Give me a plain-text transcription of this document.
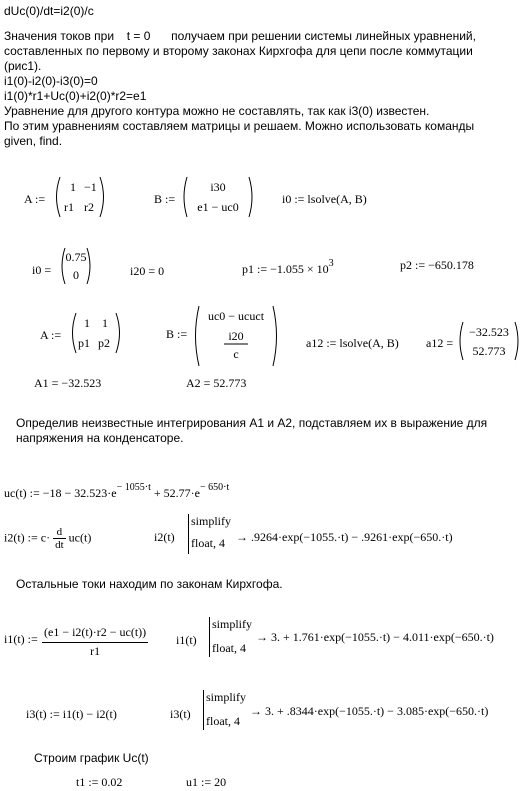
dUc(0)/dt=i2(0)/c
Значения токов при t = 0 получаем при решении системы линейных уравнений,
составленных по первому и второму законах Кирхгофа для цепи после коммутации
(рис1).
i1(0)-i2(0)-i3(0)=0
i1(0)*r1+Uc(0)+i2(0)*r2=e1
Уравнение для другого контура можно не составлять, так как i3(0) известен.
По этим уравнениям составляем матрицы и решаем. Можно использовать команды
given, find.
A :=
1 −1
r1 r2
B :=
i30
e1 − uc0
i0 := lsolve(A, B)
i0 =
0.75
0	i20 = 0	p1 := $-1.055 \times 10^3$	p2 := −650.178
A :=
1 1
p1 p2
B :=
uc0 − ucuct
i20
c
a12 := lsolve(A, B) a12 =
−32.523
52.773
A1 = −32.523	A2 = 52.773
Определив неизвестные интегрирования А1 и А2, подставляем их в выражение для
напряжения на конденсаторе.
uc(t) := $-18 - 32.523\cdot e^{- 1055\cdot t} + 52.77\cdot e^{- 650\cdot t}$
i2(t) := $c\cdot \frac{d}{dt} uc(t)$	i2(t)
simplify
float, 4 → .9264·exp(−1055.·t) − .9261·exp(−650.·t)
Остальные токи находим по законам Кирхгофа.
i1(t) := $\frac{(e1 - i2(t)\cdot r2 - uc(t))}{r1} i1(t)$
simplify
float, 4
→ 3. + 1.761·exp(−1055.·t) − 4.011·exp(−650.·t)
i3(t) := i1(t) − i2(t)	i3(t)
simplify
float, 4
→ 3. + .8344·exp(−1055.·t) − 3.085·exp(−650.·t)
Строим график Uc(t)
t1 := 0.02	u1 := 20
